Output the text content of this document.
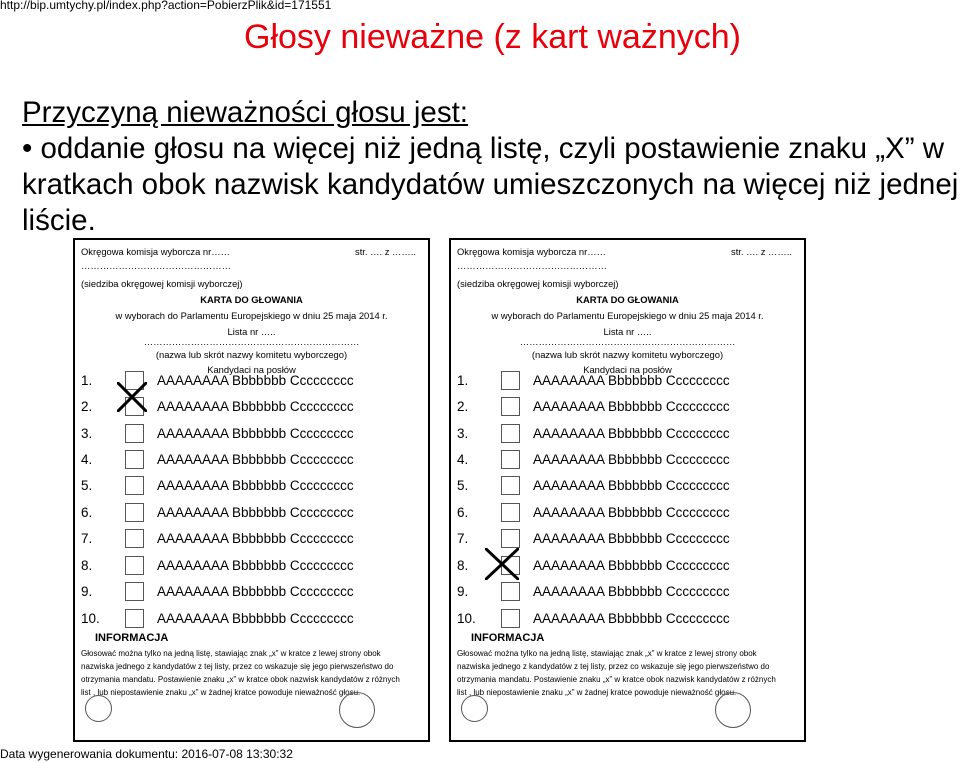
http://bip.umtychy.pl/index.php?action=PobierzPlik&id=171551
Głosy nieważne (z kart ważnych)
Przyczyną nieważności głosu jest:
• oddanie głosu na więcej niż jedną listę, czyli postawienie znaku „X” w kratkach obok nazwisk kandydatów umieszczonych na więcej niż jednej liście.
Okręgowa komisja wyborcza nr……	str. …. z ……..
…………………………………………
(siedziba okręgowej komisji wyborczej)
KARTA DO GŁOWANIA
w wyborach do Parlamentu Europejskiego w dniu 25 maja 2014 r.
Lista nr …..
……………………………………………………………
(nazwa lub skrót nazwy komitetu wyborczego)
Kandydaci na posłów
1.	AAAAAAAA Bbbbbbb Ccccccccc
2.	AAAAAAAA Bbbbbbb Ccccccccc
3.	AAAAAAAA Bbbbbbb Ccccccccc
4.	AAAAAAAA Bbbbbbb Ccccccccc
5.	AAAAAAAA Bbbbbbb Ccccccccc
6.	AAAAAAAA Bbbbbbb Ccccccccc
7.	AAAAAAAA Bbbbbbb Ccccccccc
8.	AAAAAAAA Bbbbbbb Ccccccccc
9.	AAAAAAAA Bbbbbbb Ccccccccc
10.	AAAAAAAA Bbbbbbb Ccccccccc
INFORMACJA
Głosować można tylko na jedną listę, stawiając znak „x” w kratce z lewej strony obok nazwiska jednego z kandydatów z tej listy, przez co wskazuje się jego pierwszeństwo do otrzymania mandatu. Postawienie znaku „x” w kratce obok nazwisk kandydatów z różnych list , lub niepostawienie znaku „x” w żadnej kratce powoduje nieważność głosu.
Okręgowa komisja wyborcza nr……	str. …. z ……..
…………………………………………
(siedziba okręgowej komisji wyborczej)
KARTA DO GŁOWANIA
w wyborach do Parlamentu Europejskiego w dniu 25 maja 2014 r.
Lista nr …..
……………………………………………………………
(nazwa lub skrót nazwy komitetu wyborczego)
Kandydaci na posłów
1.	AAAAAAAA Bbbbbbb Ccccccccc
2.	AAAAAAAA Bbbbbbb Ccccccccc
3.	AAAAAAAA Bbbbbbb Ccccccccc
4.	AAAAAAAA Bbbbbbb Ccccccccc
5.	AAAAAAAA Bbbbbbb Ccccccccc
6.	AAAAAAAA Bbbbbbb Ccccccccc
7.	AAAAAAAA Bbbbbbb Ccccccccc
8.	AAAAAAAA Bbbbbbb Ccccccccc
9.	AAAAAAAA Bbbbbbb Ccccccccc
10.	AAAAAAAA Bbbbbbb Ccccccccc
INFORMACJA
Głosować można tylko na jedną listę, stawiając znak „x” w kratce z lewej strony obok nazwiska jednego z kandydatów z tej listy, przez co wskazuje się jego pierwszeństwo do otrzymania mandatu. Postawienie znaku „x” w kratce obok nazwisk kandydatów z różnych list , lub niepostawienie znaku „x” w żadnej kratce powoduje nieważność głosu.
Data wygenerowania dokumentu: 2016-07-08 13:30:32
